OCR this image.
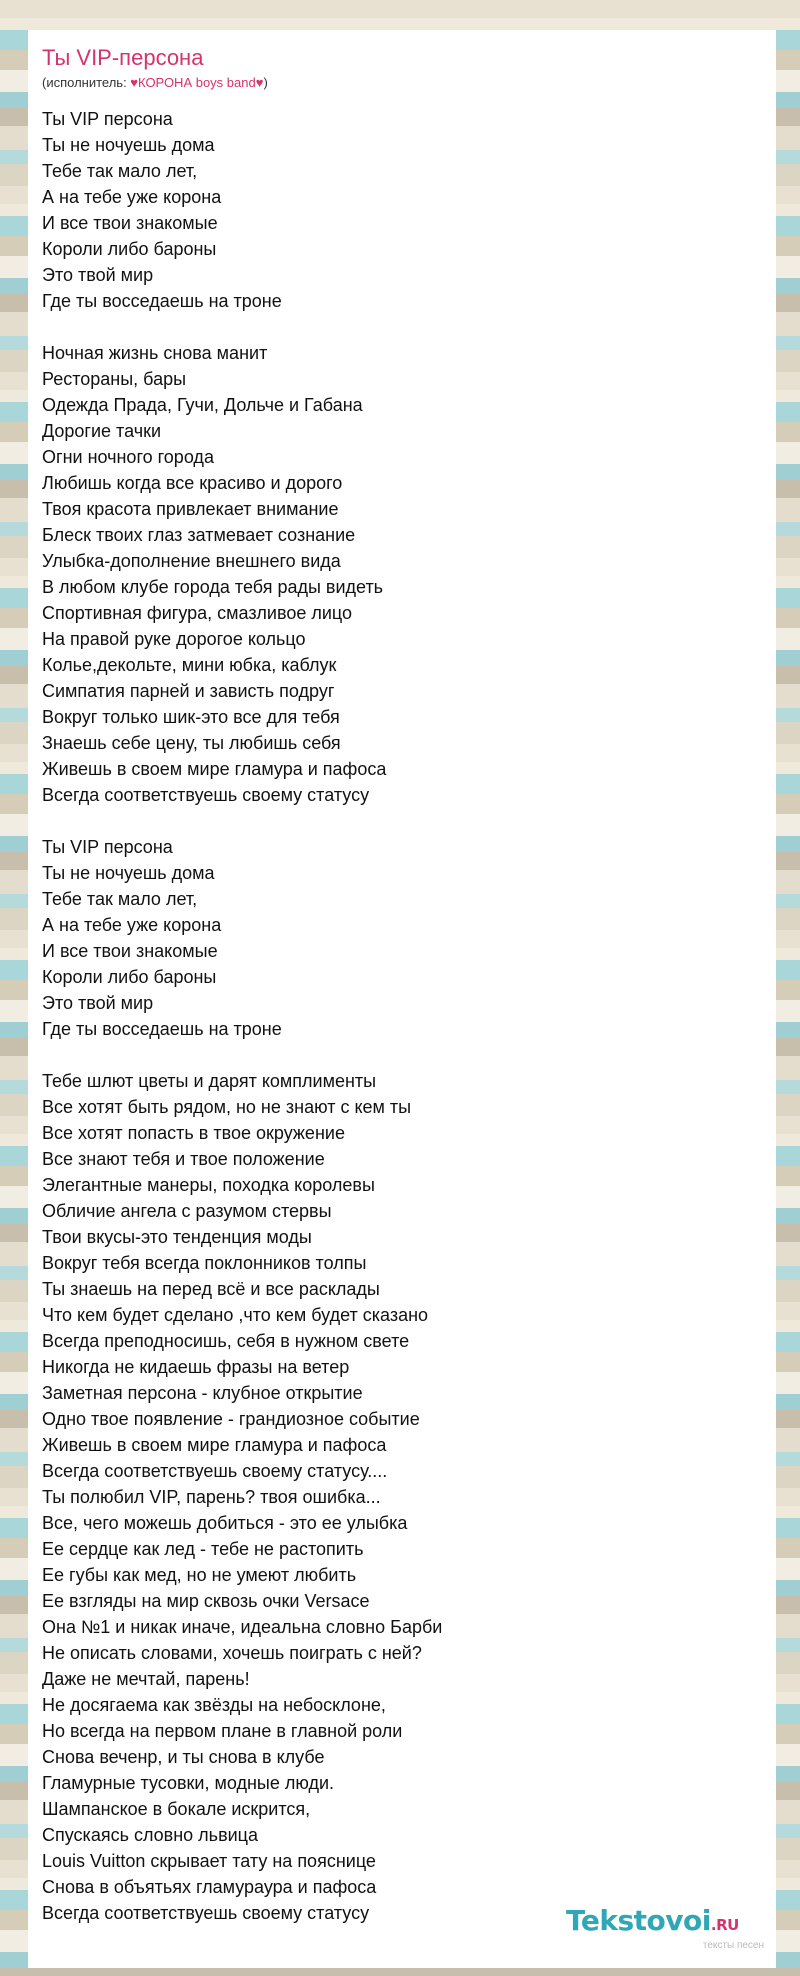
Ты VIP-персона
(исполнитель: ♥КОРОНА boys band♥)
Ты VIP персона
Ты не ночуешь дома
Тебе так мало лет,
А на тебе уже корона
И все твои знакомые
Короли либо бароны
Это твой мир
Где ты восседаешь на троне
Ночная жизнь снова манит
Рестораны, бары
Одежда Прада, Гучи, Дольче и Габана
Дорогие тачки
Огни ночного города
Любишь когда все красиво и дорого
Твоя красота привлекает внимание
Блеск твоих глаз затмевает сознание
Улыбка-дополнение внешнего вида
В любом клубе города тебя рады видеть
Спортивная фигура, смазливое лицо
На правой руке дорогое кольцо
Колье,декольте, мини юбка, каблук
Симпатия парней и зависть подруг
Вокруг только шик-это все для тебя
Знаешь себе цену, ты любишь себя
Живешь в своем мире гламура и пафоса
Всегда соответствуешь своему статусу
Ты VIP персона
Ты не ночуешь дома
Тебе так мало лет,
А на тебе уже корона
И все твои знакомые
Короли либо бароны
Это твой мир
Где ты восседаешь на троне
Тебе шлют цветы и дарят комплименты
Все хотят быть рядом, но не знают с кем ты
Все хотят попасть в твое окружение
Все знают тебя и твое положение
Элегантные манеры, походка королевы
Обличие ангела с разумом стервы
Твои вкусы-это тенденция моды
Вокруг тебя всегда поклонников толпы
Ты знаешь на перед всё и все расклады
Что кем будет сделано ,что кем будет сказано
Всегда преподносишь, себя в нужном свете
Никогда не кидаешь фразы на ветер
Заметная персона - клубное открытие
Одно твое появление - грандиозное событие
Живешь в своем мире гламура и пафоса
Всегда соответствуешь своему статусу....
Ты полюбил VIP, парень? твоя ошибка...
Все, чего можешь добиться - это ее улыбка
Ее сердце как лед - тебе не растопить
Ее губы как мед, но не умеют любить
Ее взгляды на мир сквозь очки Versace
Она №1 и никак иначе, идеальна словно Барби
Не описать словами, хочешь поиграть с ней?
Даже не мечтай, парень!
Не досягаема как звёзды на небосклоне,
Но всегда на первом плане в главной роли
Снова веченр, и ты снова в клубе
Гламурные тусовки, модные люди.
Шампанское в бокале искрится,
Спускаясь словно львица
Louis Vuitton скрывает тату на пояснице
Снова в объятьях гламураура и пафоса
Всегда соответствуешь своему статусу	Tekstovoi.RU
тексты песен
